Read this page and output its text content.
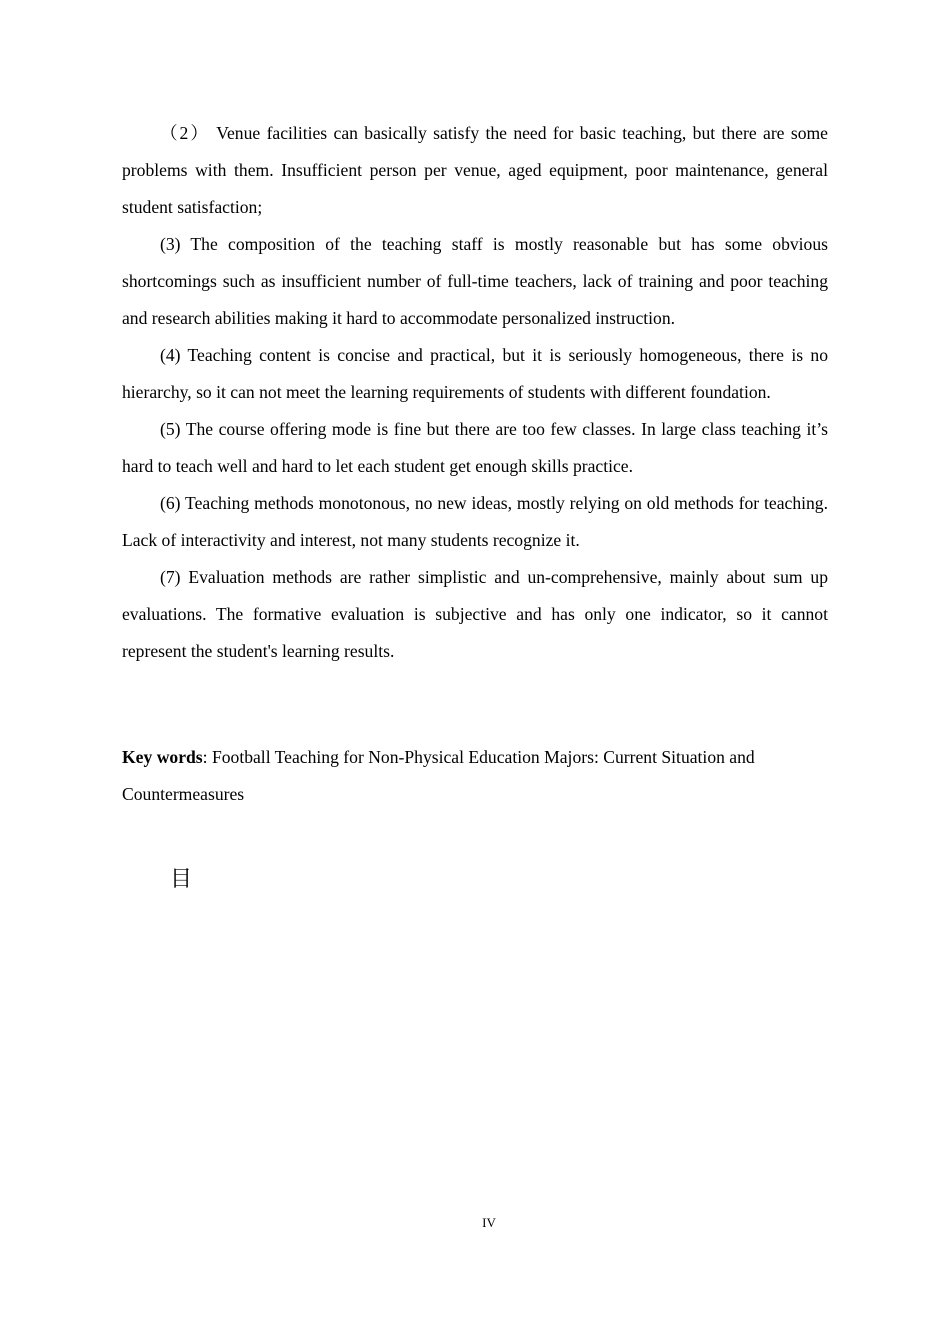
（2） Venue facilities can basically satisfy the need for basic teaching, but there are some problems with them. Insufficient person per venue, aged equipment, poor maintenance, general student satisfaction;

(3) The composition of the teaching staff is mostly reasonable but has some obvious shortcomings such as insufficient number of full-time teachers, lack of training and poor teaching and research abilities making it hard to accommodate personalized instruction.

(4) Teaching content is concise and practical, but it is seriously homogeneous, there is no hierarchy, so it can not meet the learning requirements of students with different foundation.

(5) The course offering mode is fine but there are too few classes. In large class teaching it’s hard to teach well and hard to let each student get enough skills practice.

(6) Teaching methods monotonous, no new ideas, mostly relying on old methods for teaching. Lack of interactivity and interest, not many students recognize it.

(7) Evaluation methods are rather simplistic and un-comprehensive, mainly about sum up evaluations. The formative evaluation is subjective and has only one indicator, so it cannot represent the student's learning results.

Key words: Football Teaching for Non-Physical Education Majors: Current Situation and Countermeasures
目
IV
